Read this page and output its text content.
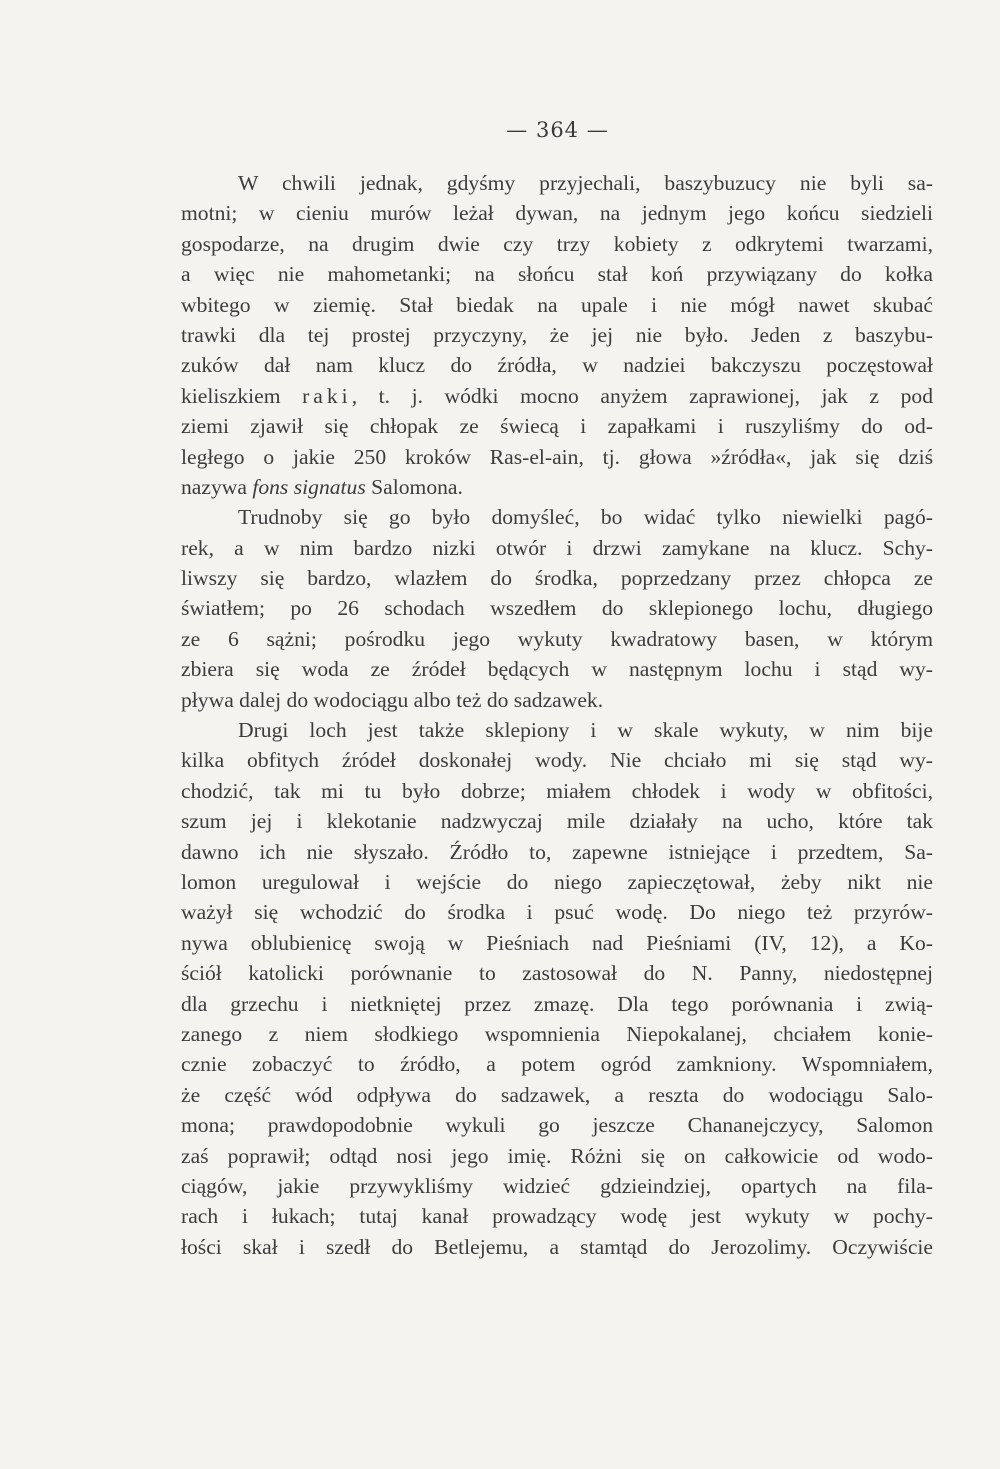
— 364 —
W chwili jednak, gdyśmy przyjechali, baszybuzucy nie byli sa-
motni; w cieniu murów leżał dywan, na jednym jego końcu siedzieli
gospodarze, na drugim dwie czy trzy kobiety z odkrytemi twarzami,
a więc nie mahometanki; na słońcu stał koń przywiązany do kołka
wbitego w ziemię. Stał biedak na upale i nie mógł nawet skubać
trawki dla tej prostej przyczyny, że jej nie było. Jeden z baszybu-
zuków dał nam klucz do źródła, w nadziei bakczyszu poczęstował
kieliszkiem raki, t. j. wódki mocno anyżem zaprawionej, jak z pod
ziemi zjawił się chłopak ze świecą i zapałkami i ruszyliśmy do od-
ległego o jakie 250 kroków Ras-el-ain, tj. głowa »źródła«, jak się dziś
nazywa fons signatus Salomona.
Trudnoby się go było domyśleć, bo widać tylko niewielki pagó-
rek, a w nim bardzo nizki otwór i drzwi zamykane na klucz. Schy-
liwszy się bardzo, wlazłem do środka, poprzedzany przez chłopca ze
światłem; po 26 schodach wszedłem do sklepionego lochu, długiego
ze 6 sążni; pośrodku jego wykuty kwadratowy basen, w którym
zbiera się woda ze źródeł będących w następnym lochu i stąd wy-
pływa dalej do wodociągu albo też do sadzawek.
Drugi loch jest także sklepiony i w skale wykuty, w nim bije
kilka obfitych źródeł doskonałej wody. Nie chciało mi się stąd wy-
chodzić, tak mi tu było dobrze; miałem chłodek i wody w obfitości,
szum jej i klekotanie nadzwyczaj mile działały na ucho, które tak
dawno ich nie słyszało. Źródło to, zapewne istniejące i przedtem, Sa-
lomon uregulował i wejście do niego zapieczętował, żeby nikt nie
ważył się wchodzić do środka i psuć wodę. Do niego też przyrów-
nywa oblubienicę swoją w Pieśniach nad Pieśniami (IV, 12), a Ko-
ściół katolicki porównanie to zastosował do N. Panny, niedostępnej
dla grzechu i nietkniętej przez zmazę. Dla tego porównania i zwią-
zanego z niem słodkiego wspomnienia Niepokalanej, chciałem konie-
cznie zobaczyć to źródło, a potem ogród zamkniony. Wspomniałem,
że część wód odpływa do sadzawek, a reszta do wodociągu Salo-
mona; prawdopodobnie wykuli go jeszcze Chananejczycy, Salomon
zaś poprawił; odtąd nosi jego imię. Różni się on całkowicie od wodo-
ciągów, jakie przywykliśmy widzieć gdzieindziej, opartych na fila-
rach i łukach; tutaj kanał prowadzący wodę jest wykuty w pochy-
łości skał i szedł do Betlejemu, a stamtąd do Jerozolimy. Oczywiście
